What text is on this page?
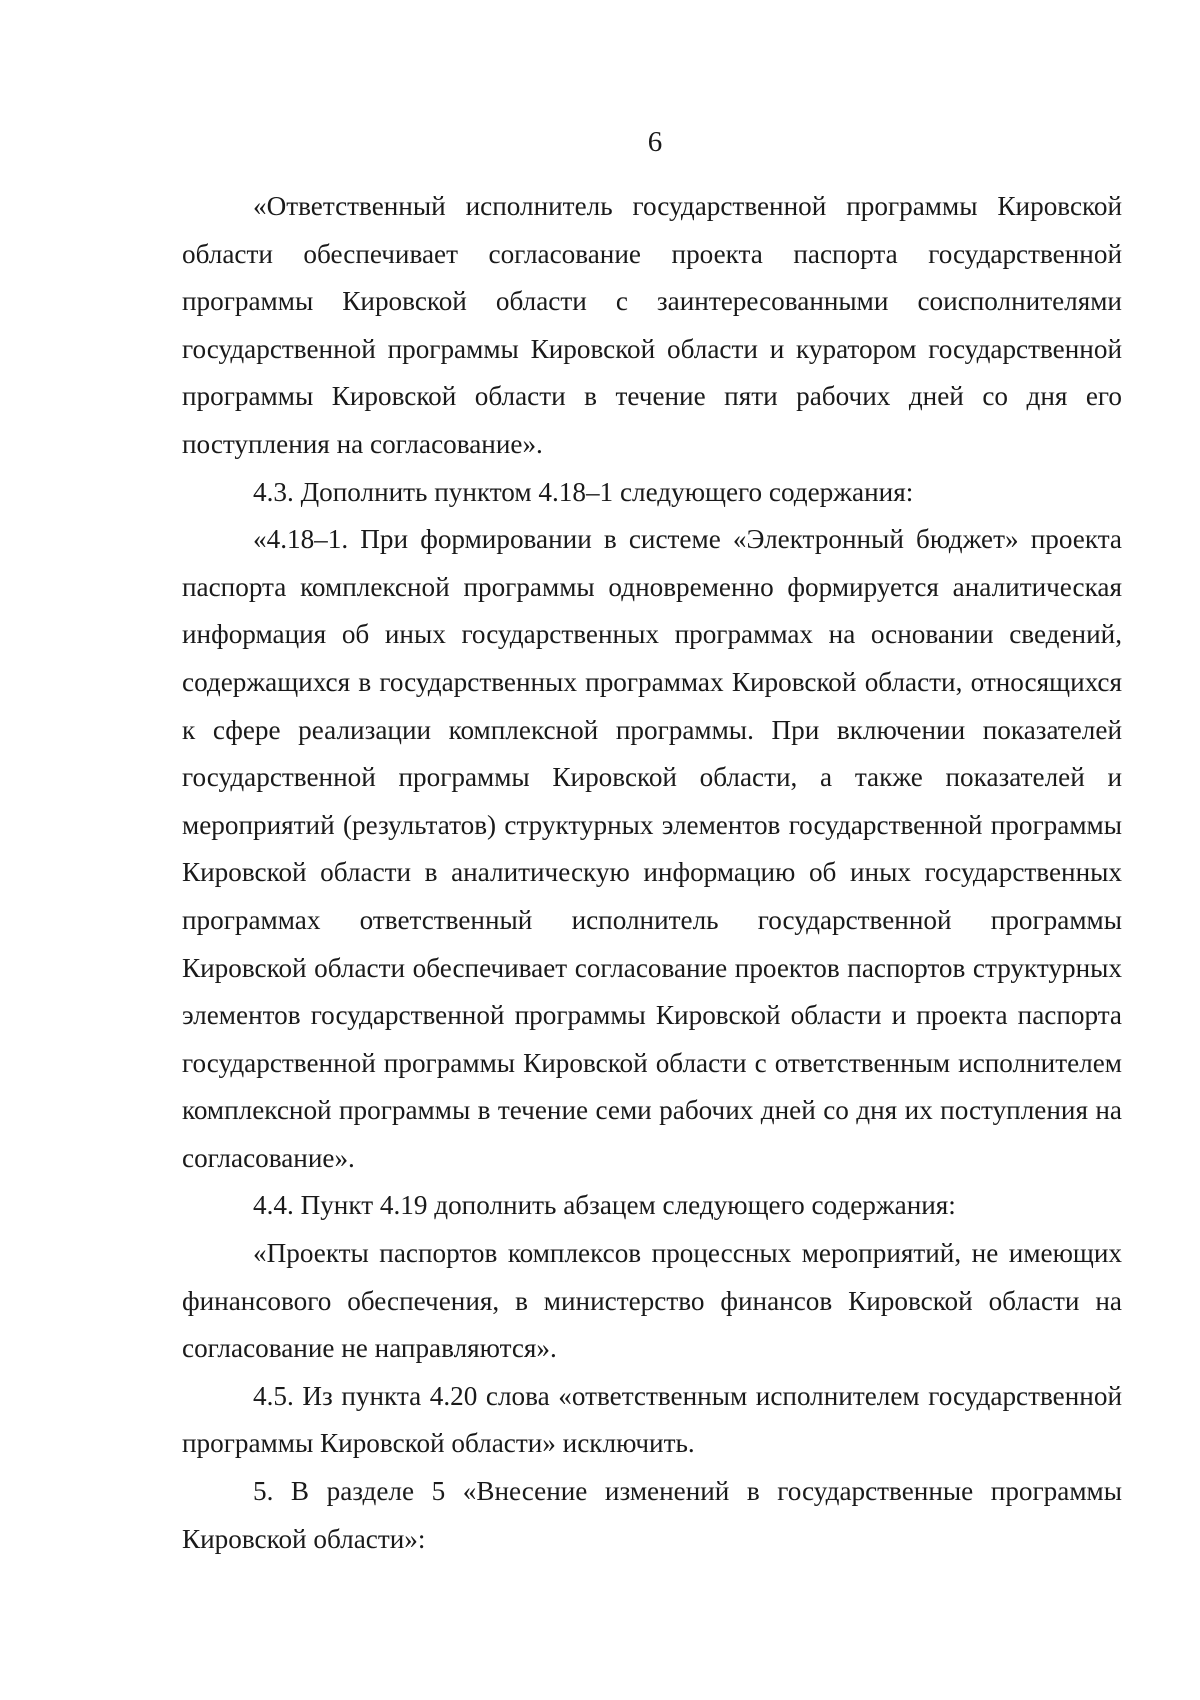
6

«Ответственный исполнитель государственной программы Кировской области обеспечивает согласование проекта паспорта государственной программы Кировской области с заинтересованными соисполнителями государственной программы Кировской области и куратором государственной программы Кировской области в течение пяти рабочих дней со дня его поступления на согласование».

4.3. Дополнить пунктом 4.18–1 следующего содержания:

«4.18–1. При формировании в системе «Электронный бюджет» проекта паспорта комплексной программы одновременно формируется аналитическая информация об иных государственных программах на основании сведений, содержащихся в государственных программах Кировской области, относящихся к сфере реализации комплексной программы. При включении показателей государственной программы Кировской области, а также показателей и мероприятий (результатов) структурных элементов государственной программы Кировской области в аналитическую информацию об иных государственных программах ответственный исполнитель государственной программы Кировской области обеспечивает согласование проектов паспортов структурных элементов государственной программы Кировской области и проекта паспорта государственной программы Кировской области с ответственным исполнителем комплексной программы в течение семи рабочих дней со дня их поступления на согласование».

4.4. Пункт 4.19 дополнить абзацем следующего содержания:

«Проекты паспортов комплексов процессных мероприятий, не имеющих финансового обеспечения, в министерство финансов Кировской области на согласование не направляются».

4.5. Из пункта 4.20 слова «ответственным исполнителем государственной программы Кировской области» исключить.

5. В разделе 5 «Внесение изменений в государственные программы Кировской области»:
